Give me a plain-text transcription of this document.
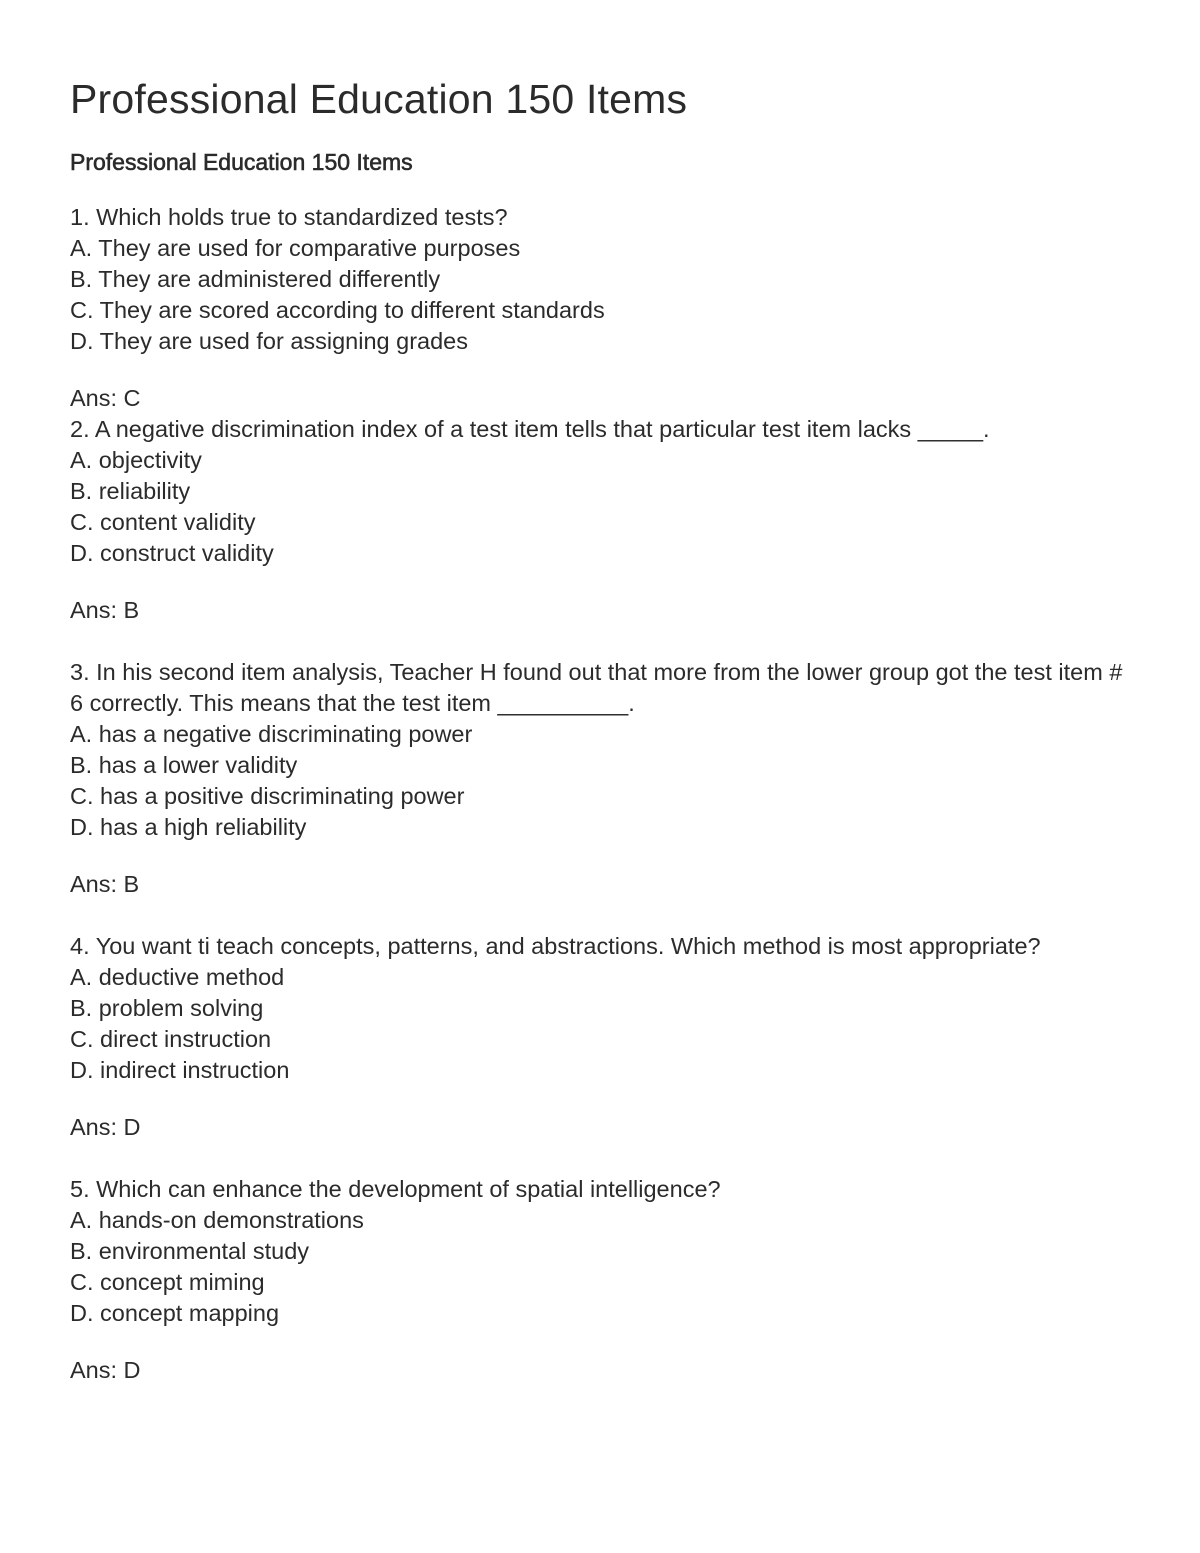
Professional Education 150 Items
Professional Education 150 Items

1. Which holds true to standardized tests?

A. They are used for comparative purposes

B. They are administered differently

C. They are scored according to different standards

D. They are used for assigning grades

Ans: C

2. A negative discrimination index of a test item tells that particular test item lacks _____.

A. objectivity

B. reliability

C. content validity

D. construct validity

Ans: B

3. In his second item analysis, Teacher H found out that more from the lower group got the test item # 6 correctly. This means that the test item __________.

A. has a negative discriminating power

B. has a lower validity

C. has a positive discriminating power

D. has a high reliability

Ans: B

4. You want ti teach concepts, patterns, and abstractions. Which method is most appropriate?

A. deductive method

B. problem solving

C. direct instruction

D. indirect instruction

Ans: D

5. Which can enhance the development of spatial intelligence?

A. hands-on demonstrations

B. environmental study

C. concept miming

D. concept mapping

Ans: D
